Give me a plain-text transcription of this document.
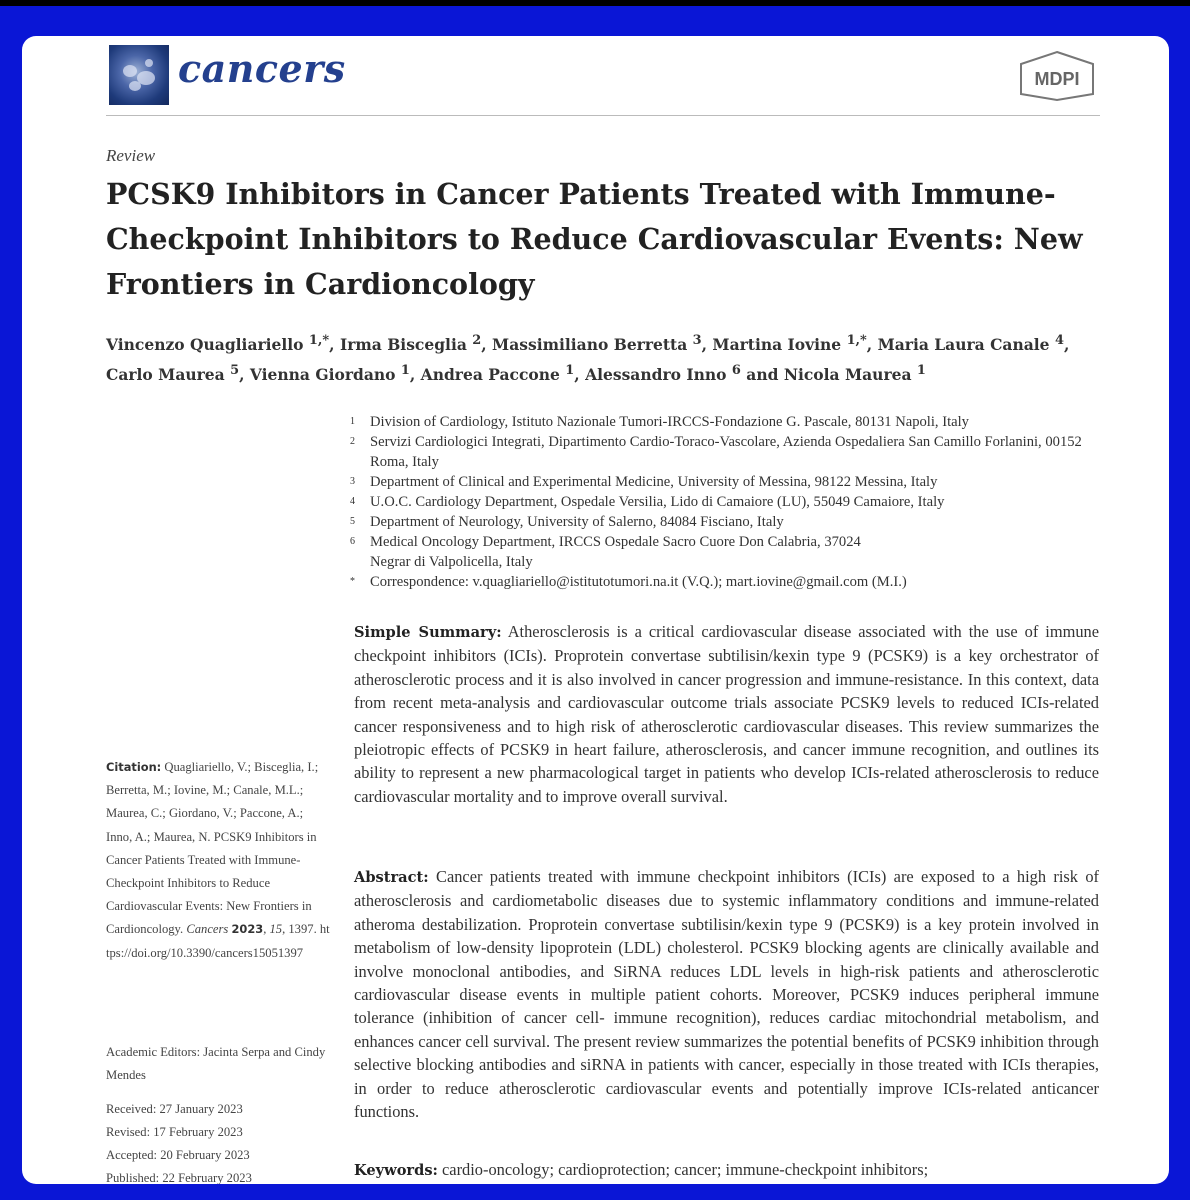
cancers	MDPI
Review
PCSK9 Inhibitors in Cancer Patients Treated with Immune-Checkpoint Inhibitors to Reduce Cardiovascular Events: New Frontiers in Cardioncology
Vincenzo Quagliariello $^{1,*}$, Irma Bisceglia $^2$, Massimiliano Berretta $^3$, Martina Iovine $^{1,*}$, Maria Laura Canale $^4$,
Carlo Maurea $^5$, Vienna Giordano $^1$, Andrea Paccone $^1$, Alessandro Inno $^6$ and Nicola Maurea $^1$
1 Division of Cardiology, Istituto Nazionale Tumori-IRCCS-Fondazione G. Pascale, 80131 Napoli, Italy
2 Servizi Cardiologici Integrati, Dipartimento Cardio-Toraco-Vascolare, Azienda Ospedaliera San Camillo Forlanini, 00152 Roma, Italy
3 Department of Clinical and Experimental Medicine, University of Messina, 98122 Messina, Italy
4 U.O.C. Cardiology Department, Ospedale Versilia, Lido di Camaiore (LU), 55049 Camaiore, Italy
5 Department of Neurology, University of Salerno, 84084 Fisciano, Italy
6 Medical Oncology Department, IRCCS Ospedale Sacro Cuore Don Calabria, 37024 Negrar di Valpolicella, Italy
* Correspondence: v.quagliariello@istitutotumori.na.it (V.Q.); mart.iovine@gmail.com (M.I.)

Simple Summary: Atherosclerosis is a critical cardiovascular disease associated with the use of immune checkpoint inhibitors (ICIs). Proprotein convertase subtilisin/kexin type 9 (PCSK9) is a key orchestrator of atherosclerotic process and it is also involved in cancer progression and immune-resistance. In this context, data from recent meta-analysis and cardiovascular outcome trials associate PCSK9 levels to reduced ICIs-related cancer responsiveness and to high risk of atherosclerotic cardiovascular diseases. This review summarizes the pleiotropic effects of PCSK9 in heart failure, atherosclerosis, and cancer immune recognition, and outlines its ability to represent a new pharmacological target in patients who develop ICIs-related atherosclerosis to reduce cardiovascular mortality and to improve overall survival.

Abstract: Cancer patients treated with immune checkpoint inhibitors (ICIs) are exposed to a high risk of atherosclerosis and cardiometabolic diseases due to systemic inflammatory conditions and immune-related atheroma destabilization. Proprotein convertase subtilisin/kexin type 9 (PCSK9) is a key protein involved in metabolism of low-density lipoprotein (LDL) cholesterol. PCSK9 blocking agents are clinically available and involve monoclonal antibodies, and SiRNA reduces LDL levels in high-risk patients and atherosclerotic cardiovascular disease events in multiple patient cohorts. Moreover, PCSK9 induces peripheral immune tolerance (inhibition of cancer cell- immune recognition), reduces cardiac mitochondrial metabolism, and enhances cancer cell survival. The present review summarizes the potential benefits of PCSK9 inhibition through selective blocking antibodies and siRNA in patients with cancer, especially in those treated with ICIs therapies, in order to reduce atherosclerotic cardiovascular events and potentially improve ICIs-related anticancer functions.

Keywords: cardio-oncology; cardioprotection; cancer; immune-checkpoint inhibitors;

Citation: Quagliariello, V.; Bisceglia, I.; Berretta, M.; Iovine, M.; Canale, M.L.; Maurea, C.; Giordano, V.; Paccone, A.; Inno, A.; Maurea, N. PCSK9 Inhibitors in Cancer Patients Treated with Immune-Checkpoint Inhibitors to Reduce Cardiovascular Events: New Frontiers in Cardioncology. Cancers 2023, 15, 1397. https://doi.org/10.3390/cancers15051397

Academic Editors: Jacinta Serpa and Cindy Mendes

Received: 27 January 2023
Revised: 17 February 2023
Accepted: 20 February 2023
Published: 22 February 2023
